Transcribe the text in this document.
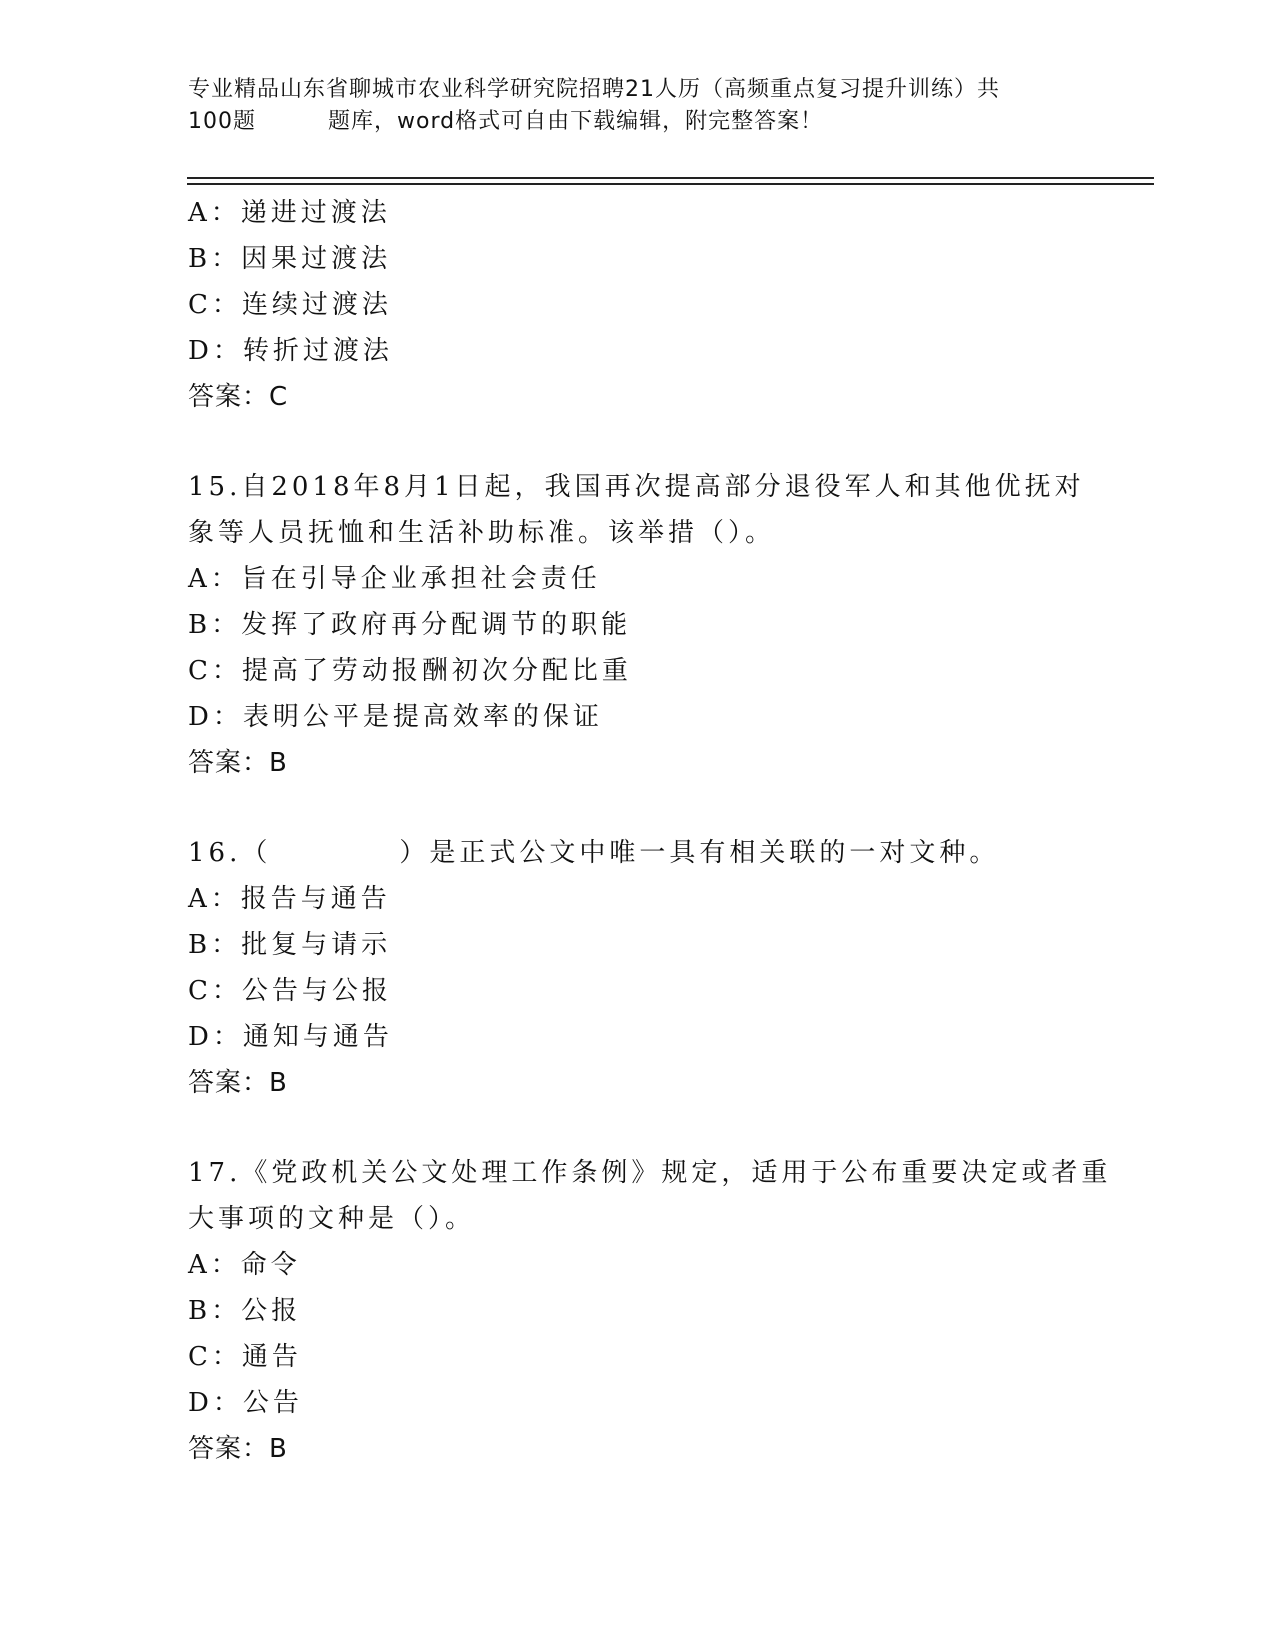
专业精品山东省聊城市农业科学研究院招聘21人历（高频重点复习提升训练）共
100题	题库，word格式可自由下载编辑，附完整答案！
A：递进过渡法
B：因果过渡法
C：连续过渡法
D：转折过渡法
答案：C
15.自2018年8月1日起，我国再次提高部分退役军人和其他优抚对
象等人员抚恤和生活补助标准。该举措（）。
A：旨在引导企业承担社会责任
B：发挥了政府再分配调节的职能
C：提高了劳动报酬初次分配比重
D：表明公平是提高效率的保证
答案：B
16.（	）是正式公文中唯一具有相关联的一对文种。
A：报告与通告
B：批复与请示
C：公告与公报
D：通知与通告
答案：B
17.《党政机关公文处理工作条例》规定，适用于公布重要决定或者重
大事项的文种是（）。
A：命令
B：公报
C：通告
D：公告
答案：B
